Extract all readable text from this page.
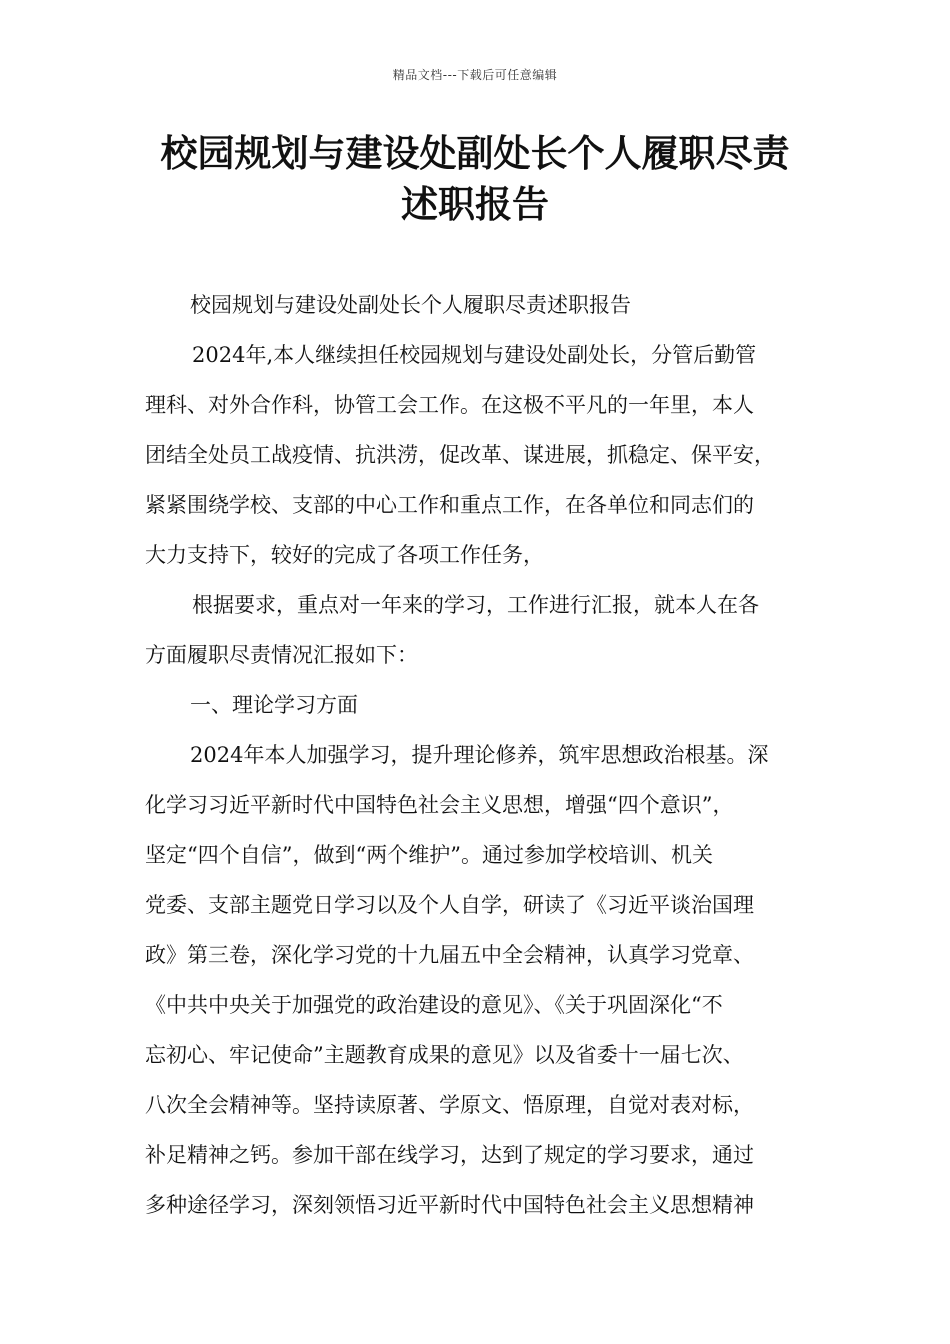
精品文档---下载后可任意编辑
校园规划与建设处副处长个人履职尽责
述职报告
校园规划与建设处副处长个人履职尽责述职报告
2024年,本人继续担任校园规划与建设处副处长，分管后勤管
理科、对外合作科，协管工会工作。在这极不平凡的一年里，本人
团结全处员工战疫情、抗洪涝，促改革、谋进展，抓稳定、保平安，
紧紧围绕学校、支部的中心工作和重点工作，在各单位和同志们的
大力支持下，较好的完成了各项工作任务，
根据要求，重点对一年来的学习，工作进行汇报，就本人在各
方面履职尽责情况汇报如下：
一、理论学习方面
2024年本人加强学习，提升理论修养，筑牢思想政治根基。深
化学习习近平新时代中国特色社会主义思想，增强“四个意识”，
坚定“四个自信”，做到“两个维护”。通过参加学校培训、机关
党委、支部主题党日学习以及个人自学，研读了《习近平谈治国理
政》第三卷，深化学习党的十九届五中全会精神，认真学习党章、
《中共中央关于加强党的政治建设的意见》、《关于巩固深化“不
忘初心、牢记使命”主题教育成果的意见》以及省委十一届七次、
八次全会精神等。坚持读原著、学原文、悟原理，自觉对表对标，
补足精神之钙。参加干部在线学习，达到了规定的学习要求，通过
多种途径学习，深刻领悟习近平新时代中国特色社会主义思想精神
